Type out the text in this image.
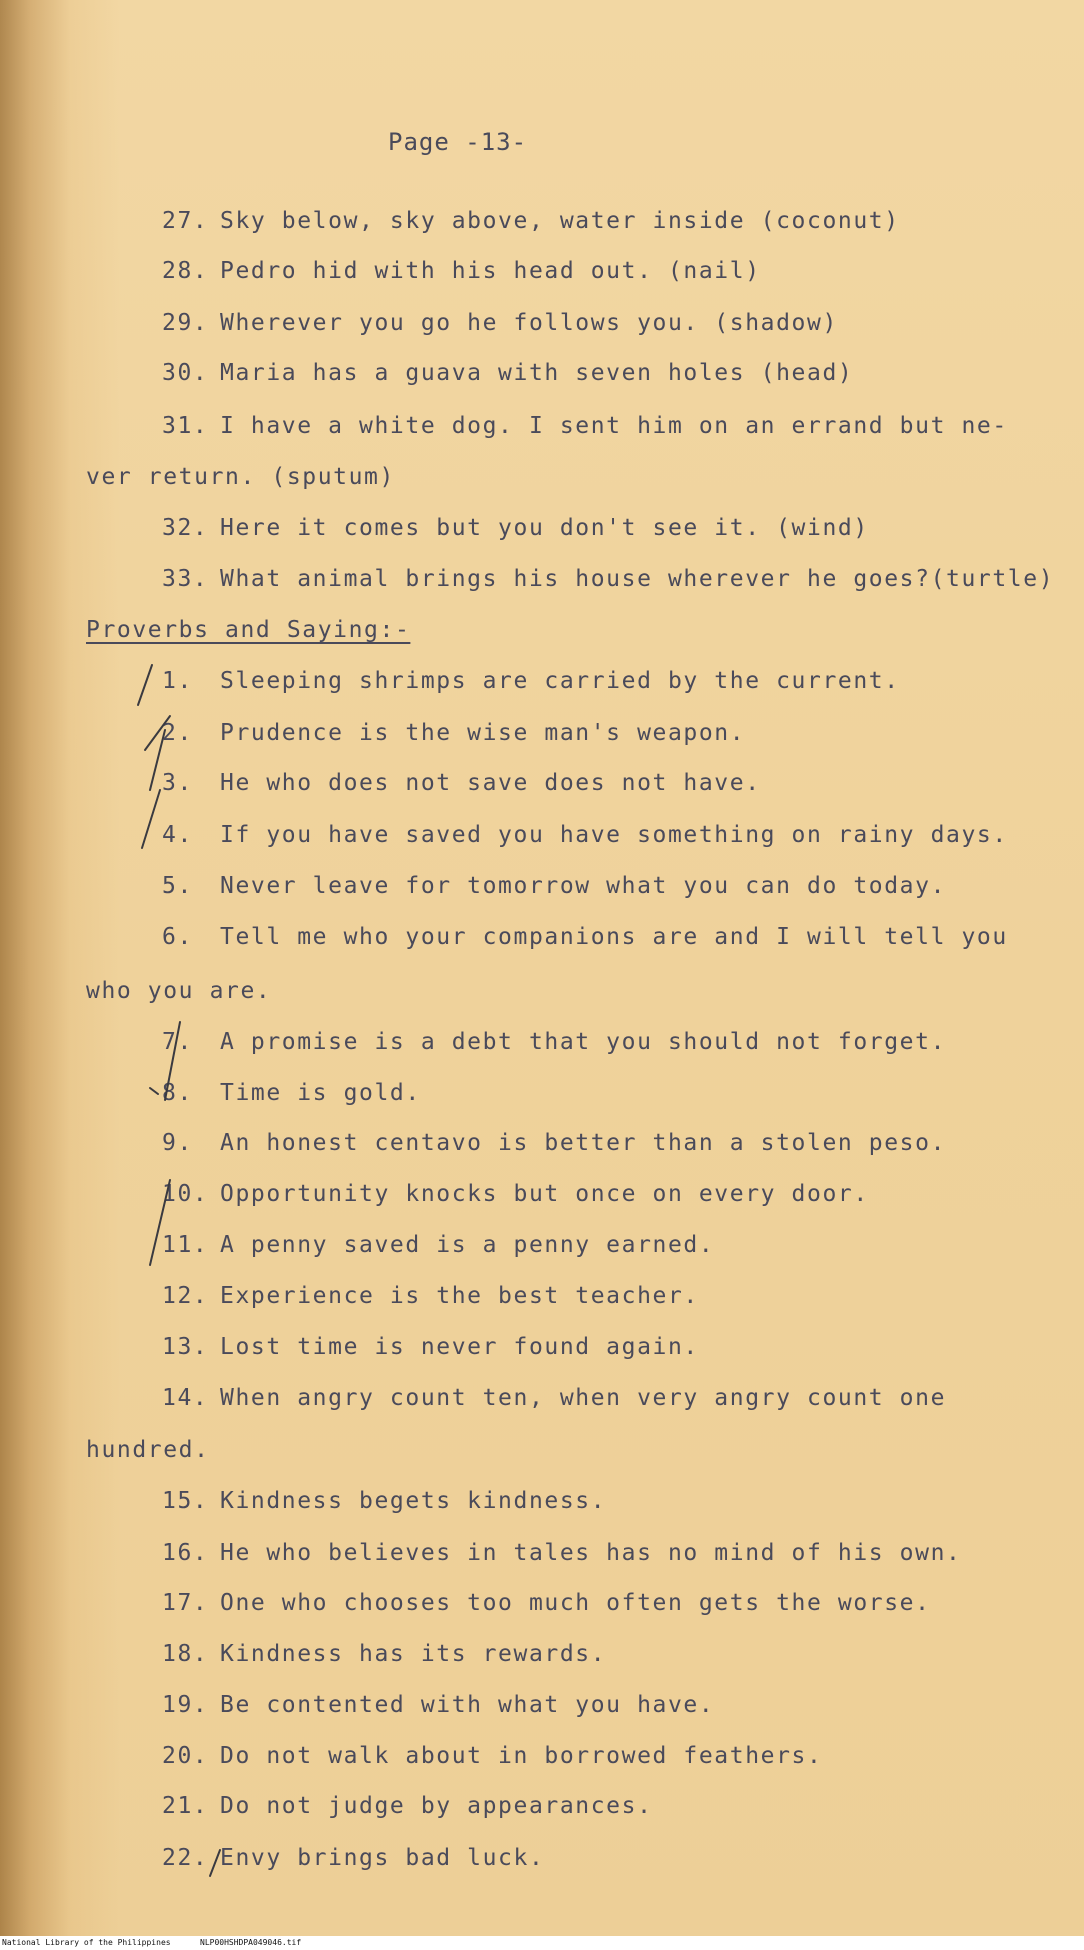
Page -13-
27. Sky below, sky above, water inside (coconut)
28. Pedro hid with his head out. (nail)
29. Wherever you go he follows you. (shadow)
30. Maria has a guava with seven holes (head)
31. I have a white dog. I sent him on an errand but ne-
ver return. (sputum)
32. Here it comes but you don't see it. (wind)
33. What animal brings his house wherever he goes?(turtle)
Proverbs and Saying:-
1. Sleeping shrimps are carried by the current.
2. Prudence is the wise man's weapon.
3. He who does not save does not have.
4. If you have saved you have something on rainy days.
5. Never leave for tomorrow what you can do today.
6. Tell me who your companions are and I will tell you
who you are.
7. A promise is a debt that you should not forget.
8. Time is gold.
9. An honest centavo is better than a stolen peso.
10. Opportunity knocks but once on every door.
11. A penny saved is a penny earned.
12. Experience is the best teacher.
13. Lost time is never found again.
14. When angry count ten, when very angry count one
hundred.
15. Kindness begets kindness.
16. He who believes in tales has no mind of his own.
17. One who chooses too much often gets the worse.
18. Kindness has its rewards.
19. Be contented with what you have.
20. Do not walk about in borrowed feathers.
21. Do not judge by appearances.
22. Envy brings bad luck.
National Library of the Philippines	NLP00HSHDPA049046.tif
